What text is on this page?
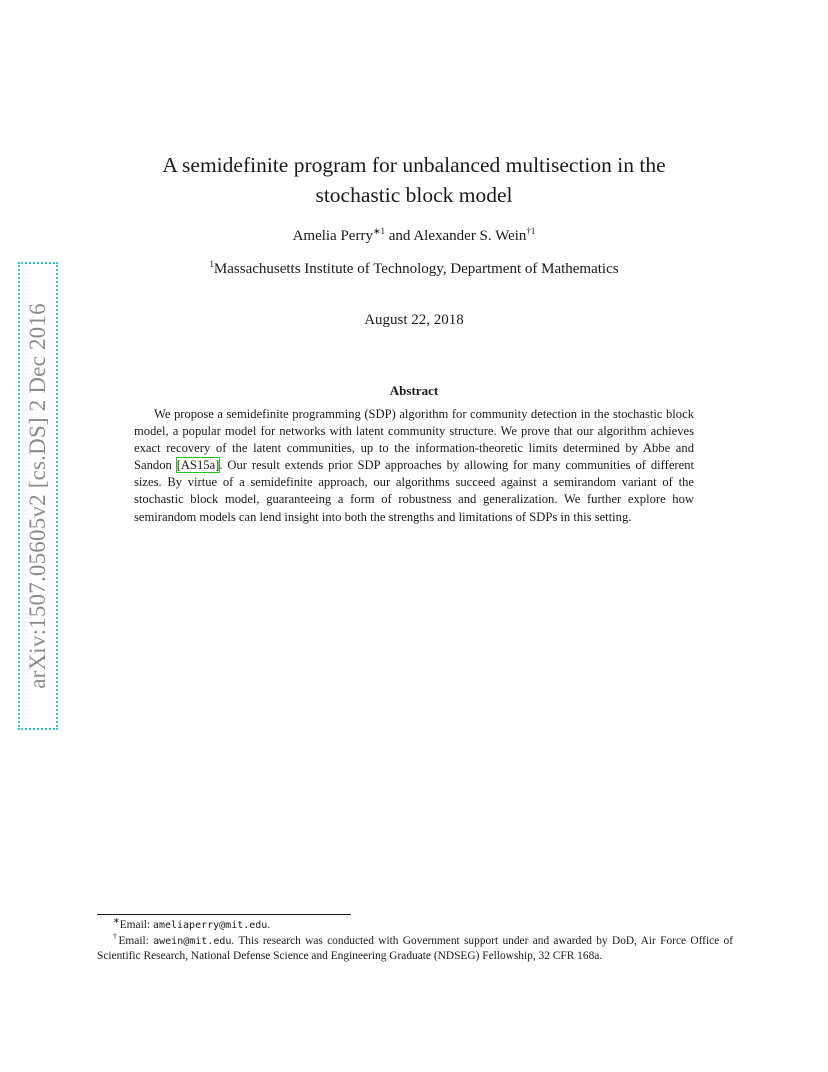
arXiv:1507.05605v2 [cs.DS] 2 Dec 2016
A semidefinite program for unbalanced multisection in the
stochastic block model
Amelia Perry$^{∗1}$ and Alexander S. Wein$^{\dagger 1}$
$^1$Massachusetts Institute of Technology, Department of Mathematics
August 22, 2018
Abstract

We propose a semidefinite programming (SDP) algorithm for community detection in the stochastic block model, a popular model for networks with latent community structure. We prove that our algorithm achieves exact recovery of the latent communities, up to the information-theoretic limits determined by Abbe and Sandon [AS15a]. Our result extends prior SDP approaches by allowing for many communities of different sizes. By virtue of a semidefinite approach, our algorithms succeed against a semirandom variant of the stochastic block model, guaranteeing a form of robustness and generalization. We further explore how semirandom models can lend insight into both the strengths and limitations of SDPs in this setting.

∗Email: ameliaperry@mit.edu.

†Email: awein@mit.edu. This research was conducted with Government support under and awarded by DoD, Air Force Office of Scientific Research, National Defense Science and Engineering Graduate (NDSEG) Fellowship, 32 CFR 168a.
